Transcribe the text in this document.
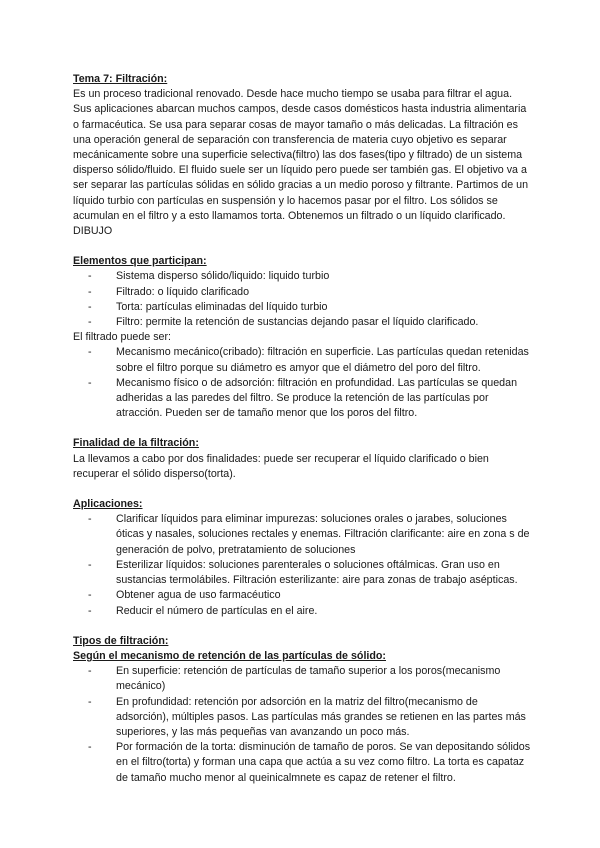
Tema 7: Filtración:

Es un proceso tradicional renovado. Desde hace mucho tiempo se usaba para filtrar el agua. Sus aplicaciones abarcan muchos campos, desde casos domésticos hasta industria alimentaria o farmacéutica. Se usa para separar cosas de mayor tamaño o más delicadas. La filtración es una operación general de separación con transferencia de materia cuyo objetivo es separar mecánicamente sobre una superficie selectiva(filtro) las dos fases(tipo y filtrado) de un sistema disperso sólido/fluido. El fluido suele ser un líquido pero puede ser también gas. El objetivo va a ser separar las partículas sólidas en sólido gracias a un medio poroso y filtrante. Partimos de un líquido turbio con partículas en suspensión y lo hacemos pasar por el filtro. Los sólidos se acumulan en el filtro y a esto llamamos torta. Obtenemos un filtrado o un líquido clarificado. DIBUJO

Elementos que participan:
- Sistema disperso sólido/liquido: liquido turbio
- Filtrado: o líquido clarificado
- Torta: partículas eliminadas del líquido turbio
- Filtro: permite la retención de sustancias dejando pasar el líquido clarificado.
El filtrado puede ser:
- Mecanismo mecánico(cribado): filtración en superficie. Las partículas quedan retenidas sobre el filtro porque su diámetro es amyor que el diámetro del poro del filtro.
- Mecanismo físico o de adsorción: filtración en profundidad. Las partículas se quedan adheridas a las paredes del filtro. Se produce la retención de las partículas por atracción. Pueden ser de tamaño menor que los poros del filtro.
Finalidad de la filtración:

La llevamos a cabo por dos finalidades: puede ser recuperar el líquido clarificado o bien recuperar el sólido disperso(torta).

Aplicaciones:
- Clarificar líquidos para eliminar impurezas: soluciones orales o jarabes, soluciones óticas y nasales, soluciones rectales y enemas. Filtración clarificante: aire en zona s de generación de polvo, pretratamiento de soluciones
- Esterilizar líquidos: soluciones parenterales o soluciones oftálmicas. Gran uso en sustancias termolábiles. Filtración esterilizante: aire para zonas de trabajo asépticas.
- Obtener agua de uso farmacéutico
- Reducir el número de partículas en el aire.
Tipos de filtración:
Según el mecanismo de retención de las partículas de sólido:
- En superficie: retención de partículas de tamaño superior a los poros(mecanismo mecánico)
- En profundidad: retención por adsorción en la matriz del filtro(mecanismo de adsorción), múltiples pasos. Las partículas más grandes se retienen en las partes más superiores, y las más pequeñas van avanzando un poco más.
- Por formación de la torta: disminución de tamaño de poros. Se van depositando sólidos en el filtro(torta) y forman una capa que actúa a su vez como filtro. La torta es capataz de tamaño mucho menor al queinicalmnete es capaz de retener el filtro.
